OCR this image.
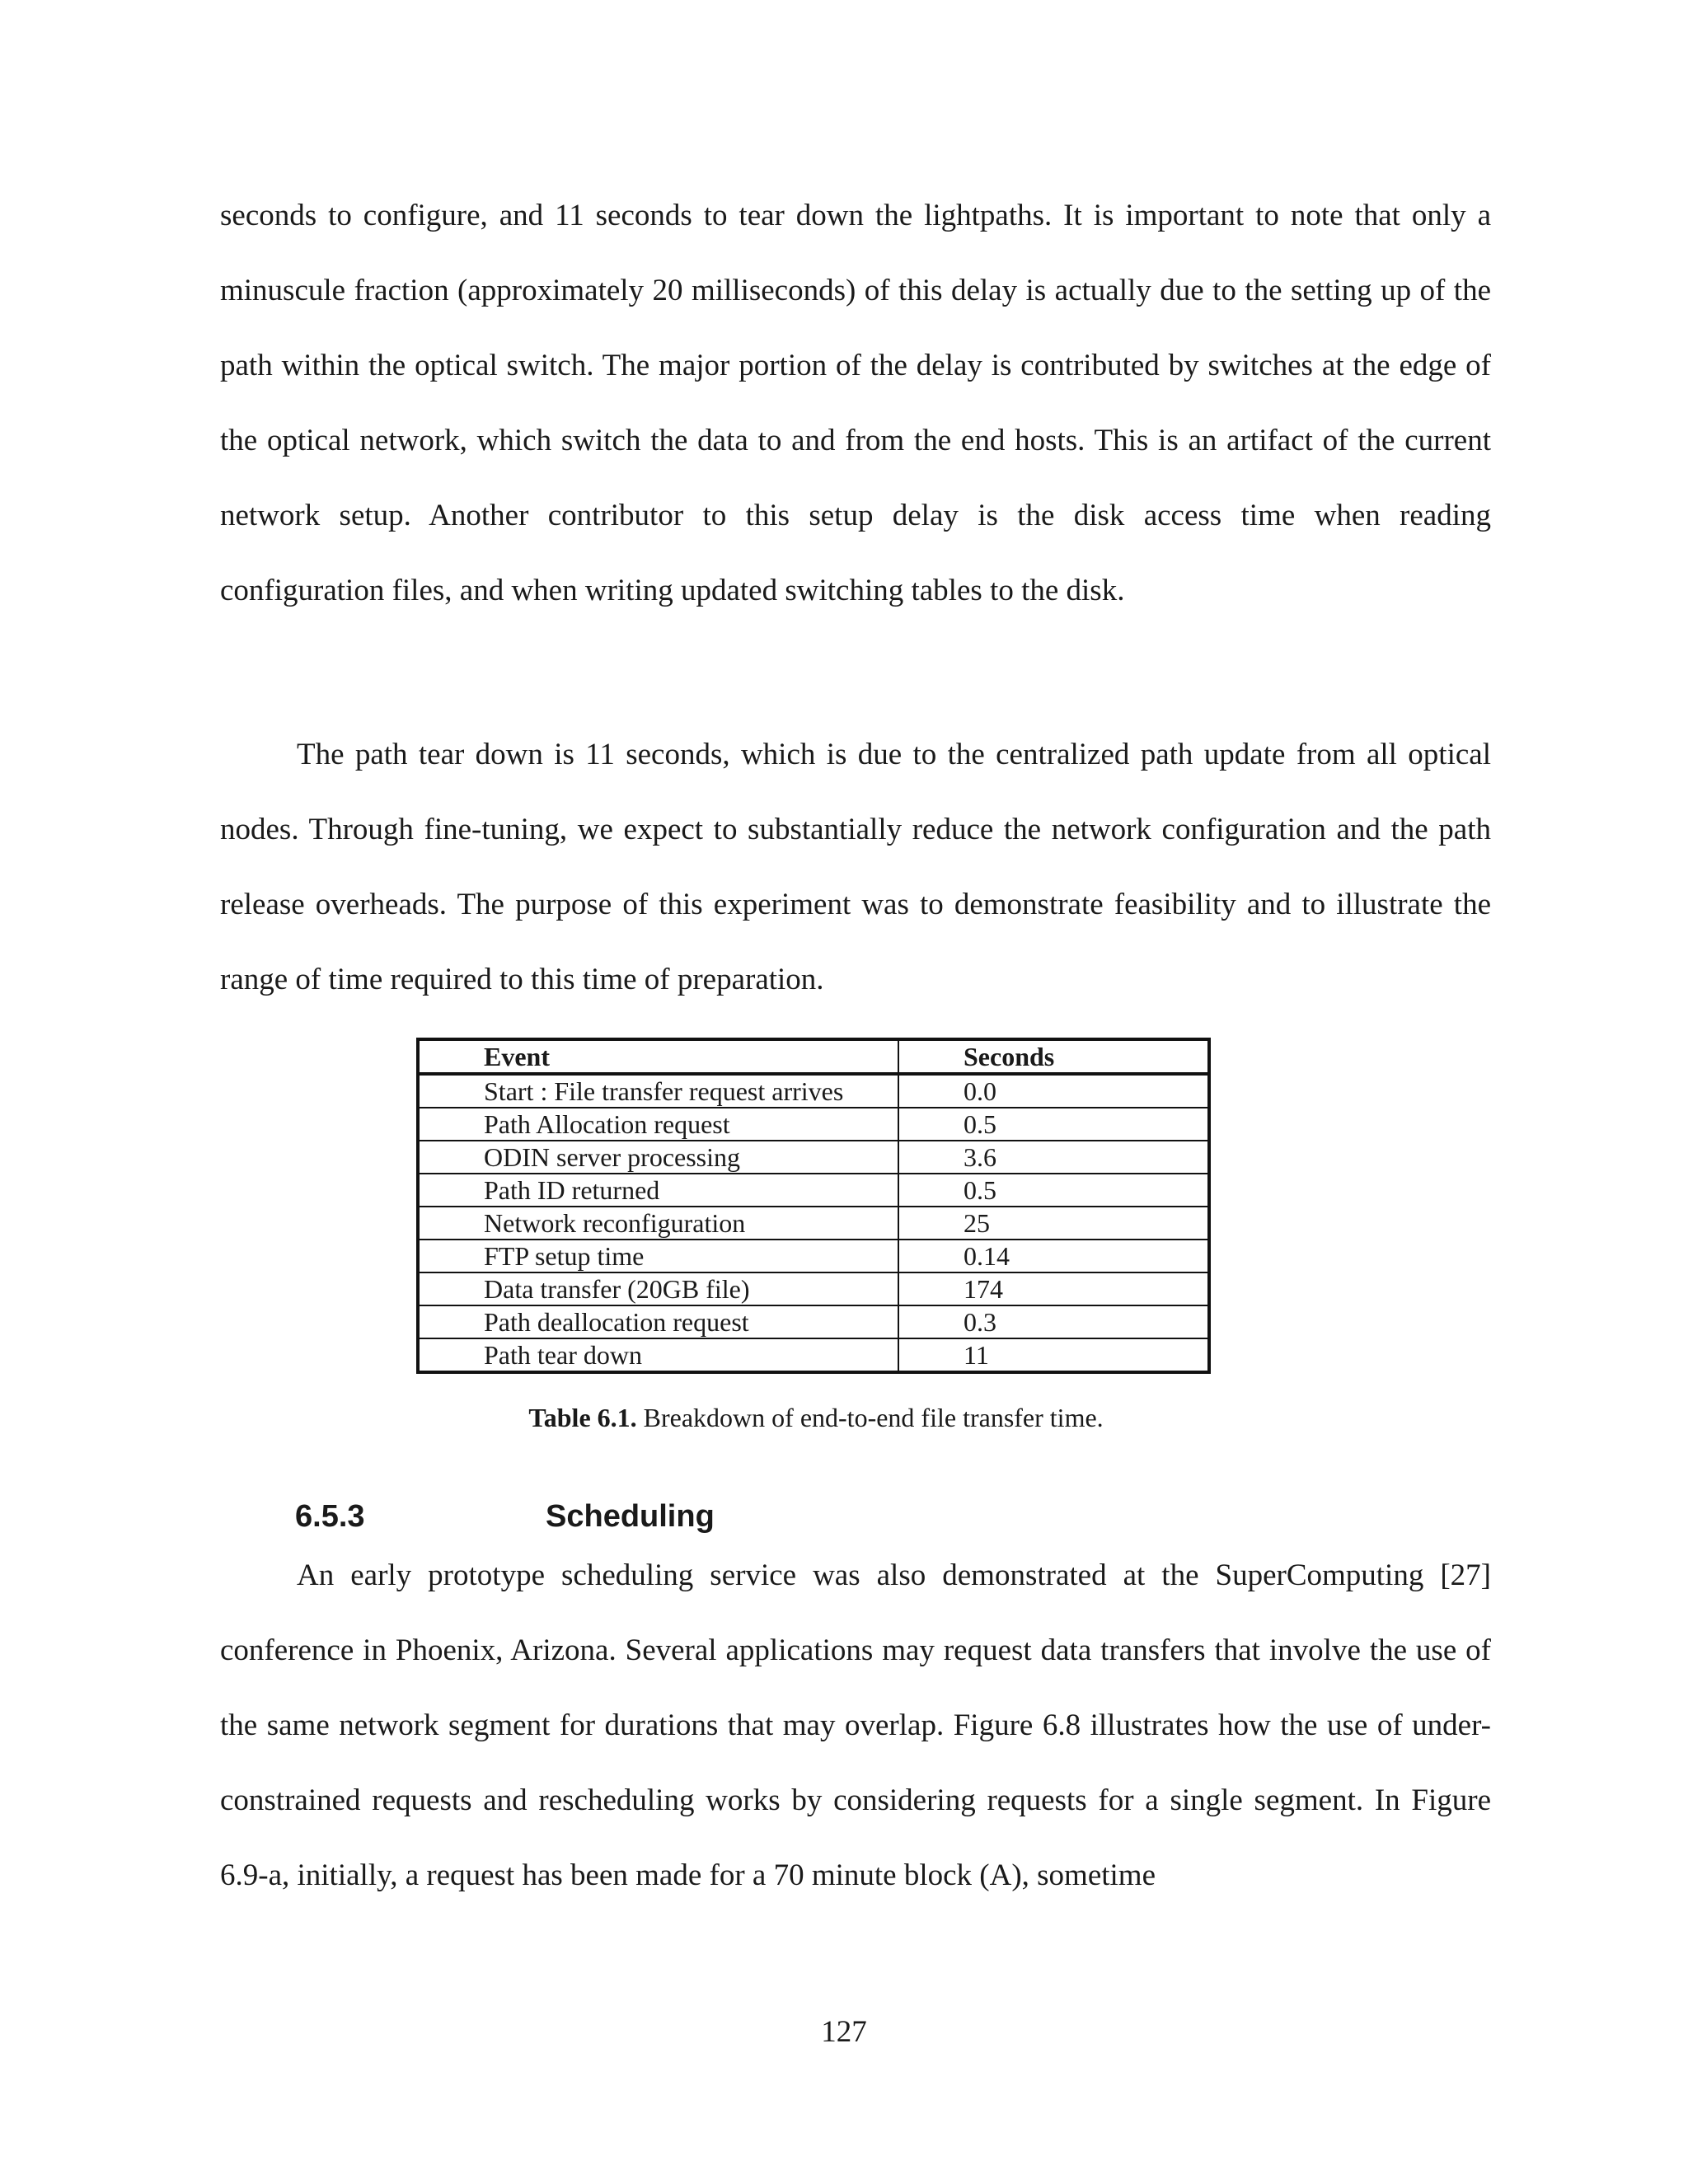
seconds to configure, and 11 seconds to tear down the lightpaths. It is important to note that only a minuscule fraction (approximately 20 milliseconds) of this delay is actually due to the setting up of the path within the optical switch. The major portion of the delay is contributed by switches at the edge of the optical network, which switch the data to and from the end hosts. This is an artifact of the current network setup. Another contributor to this setup delay is the disk access time when reading configuration files, and when writing updated switching tables to the disk.

The path tear down is 11 seconds, which is due to the centralized path update from all optical nodes. Through fine-tuning, we expect to substantially reduce the network configuration and the path release overheads. The purpose of this experiment was to demonstrate feasibility and to illustrate the range of time required to this time of preparation.

Event	Seconds
Start : File transfer request arrives	0.0
Path Allocation request	0.5
ODIN server processing	3.6
Path ID returned	0.5
Network reconfiguration	25
FTP setup time	0.14
Data transfer (20GB file)	174
Path deallocation request	0.3
Path tear down	11
Table 6.1. Breakdown of end-to-end file transfer time.
6.5.3	Scheduling

An early prototype scheduling service was also demonstrated at the SuperComputing [27] conference in Phoenix, Arizona. Several applications may request data transfers that involve the use of the same network segment for durations that may overlap. Figure 6.8 illustrates how the use of under-constrained requests and rescheduling works by considering requests for a single segment. In Figure 6.9-a, initially, a request has been made for a 70 minute block (A), sometime

127
